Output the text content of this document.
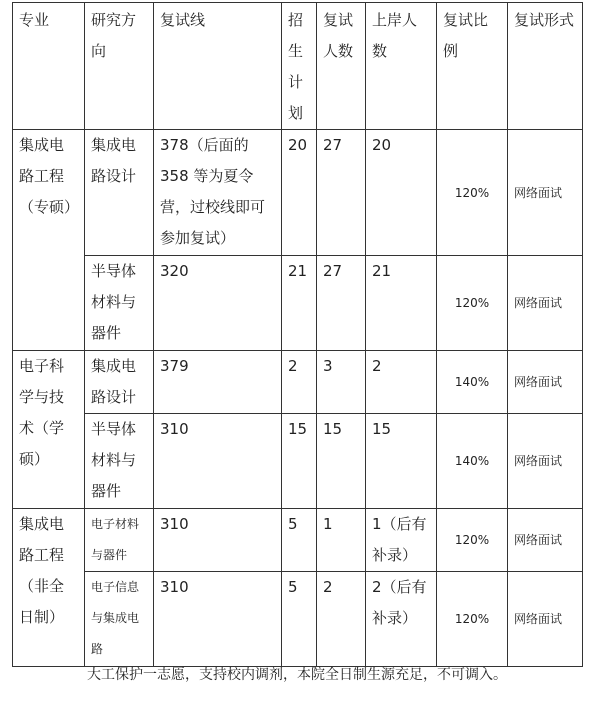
专业	研究方向	复试线	招生计划	复试人数	上岸人数	复试比例	复试形式
集成电路工程（专硕）	集成电路设计	378（后面的 358 等为夏令营，过校线即可参加复试）	20	27	20	120%	网络面试
	半导体材料与器件	320	21	27	21	120%	网络面试
电子科学与技术（学硕）	集成电路设计	379	2	3	2	140%	网络面试
	半导体材料与器件	310	15	15	15	140%	网络面试
集成电路工程（非全日制）	电子材料与器件	310	5	1	1（后有补录）	120%	网络面试
	电子信息与集成电路	310	5	2	2（后有补录）	120%	网络面试
大工保护一志愿，支持校内调剂，本院全日制生源充足，不可调入。
